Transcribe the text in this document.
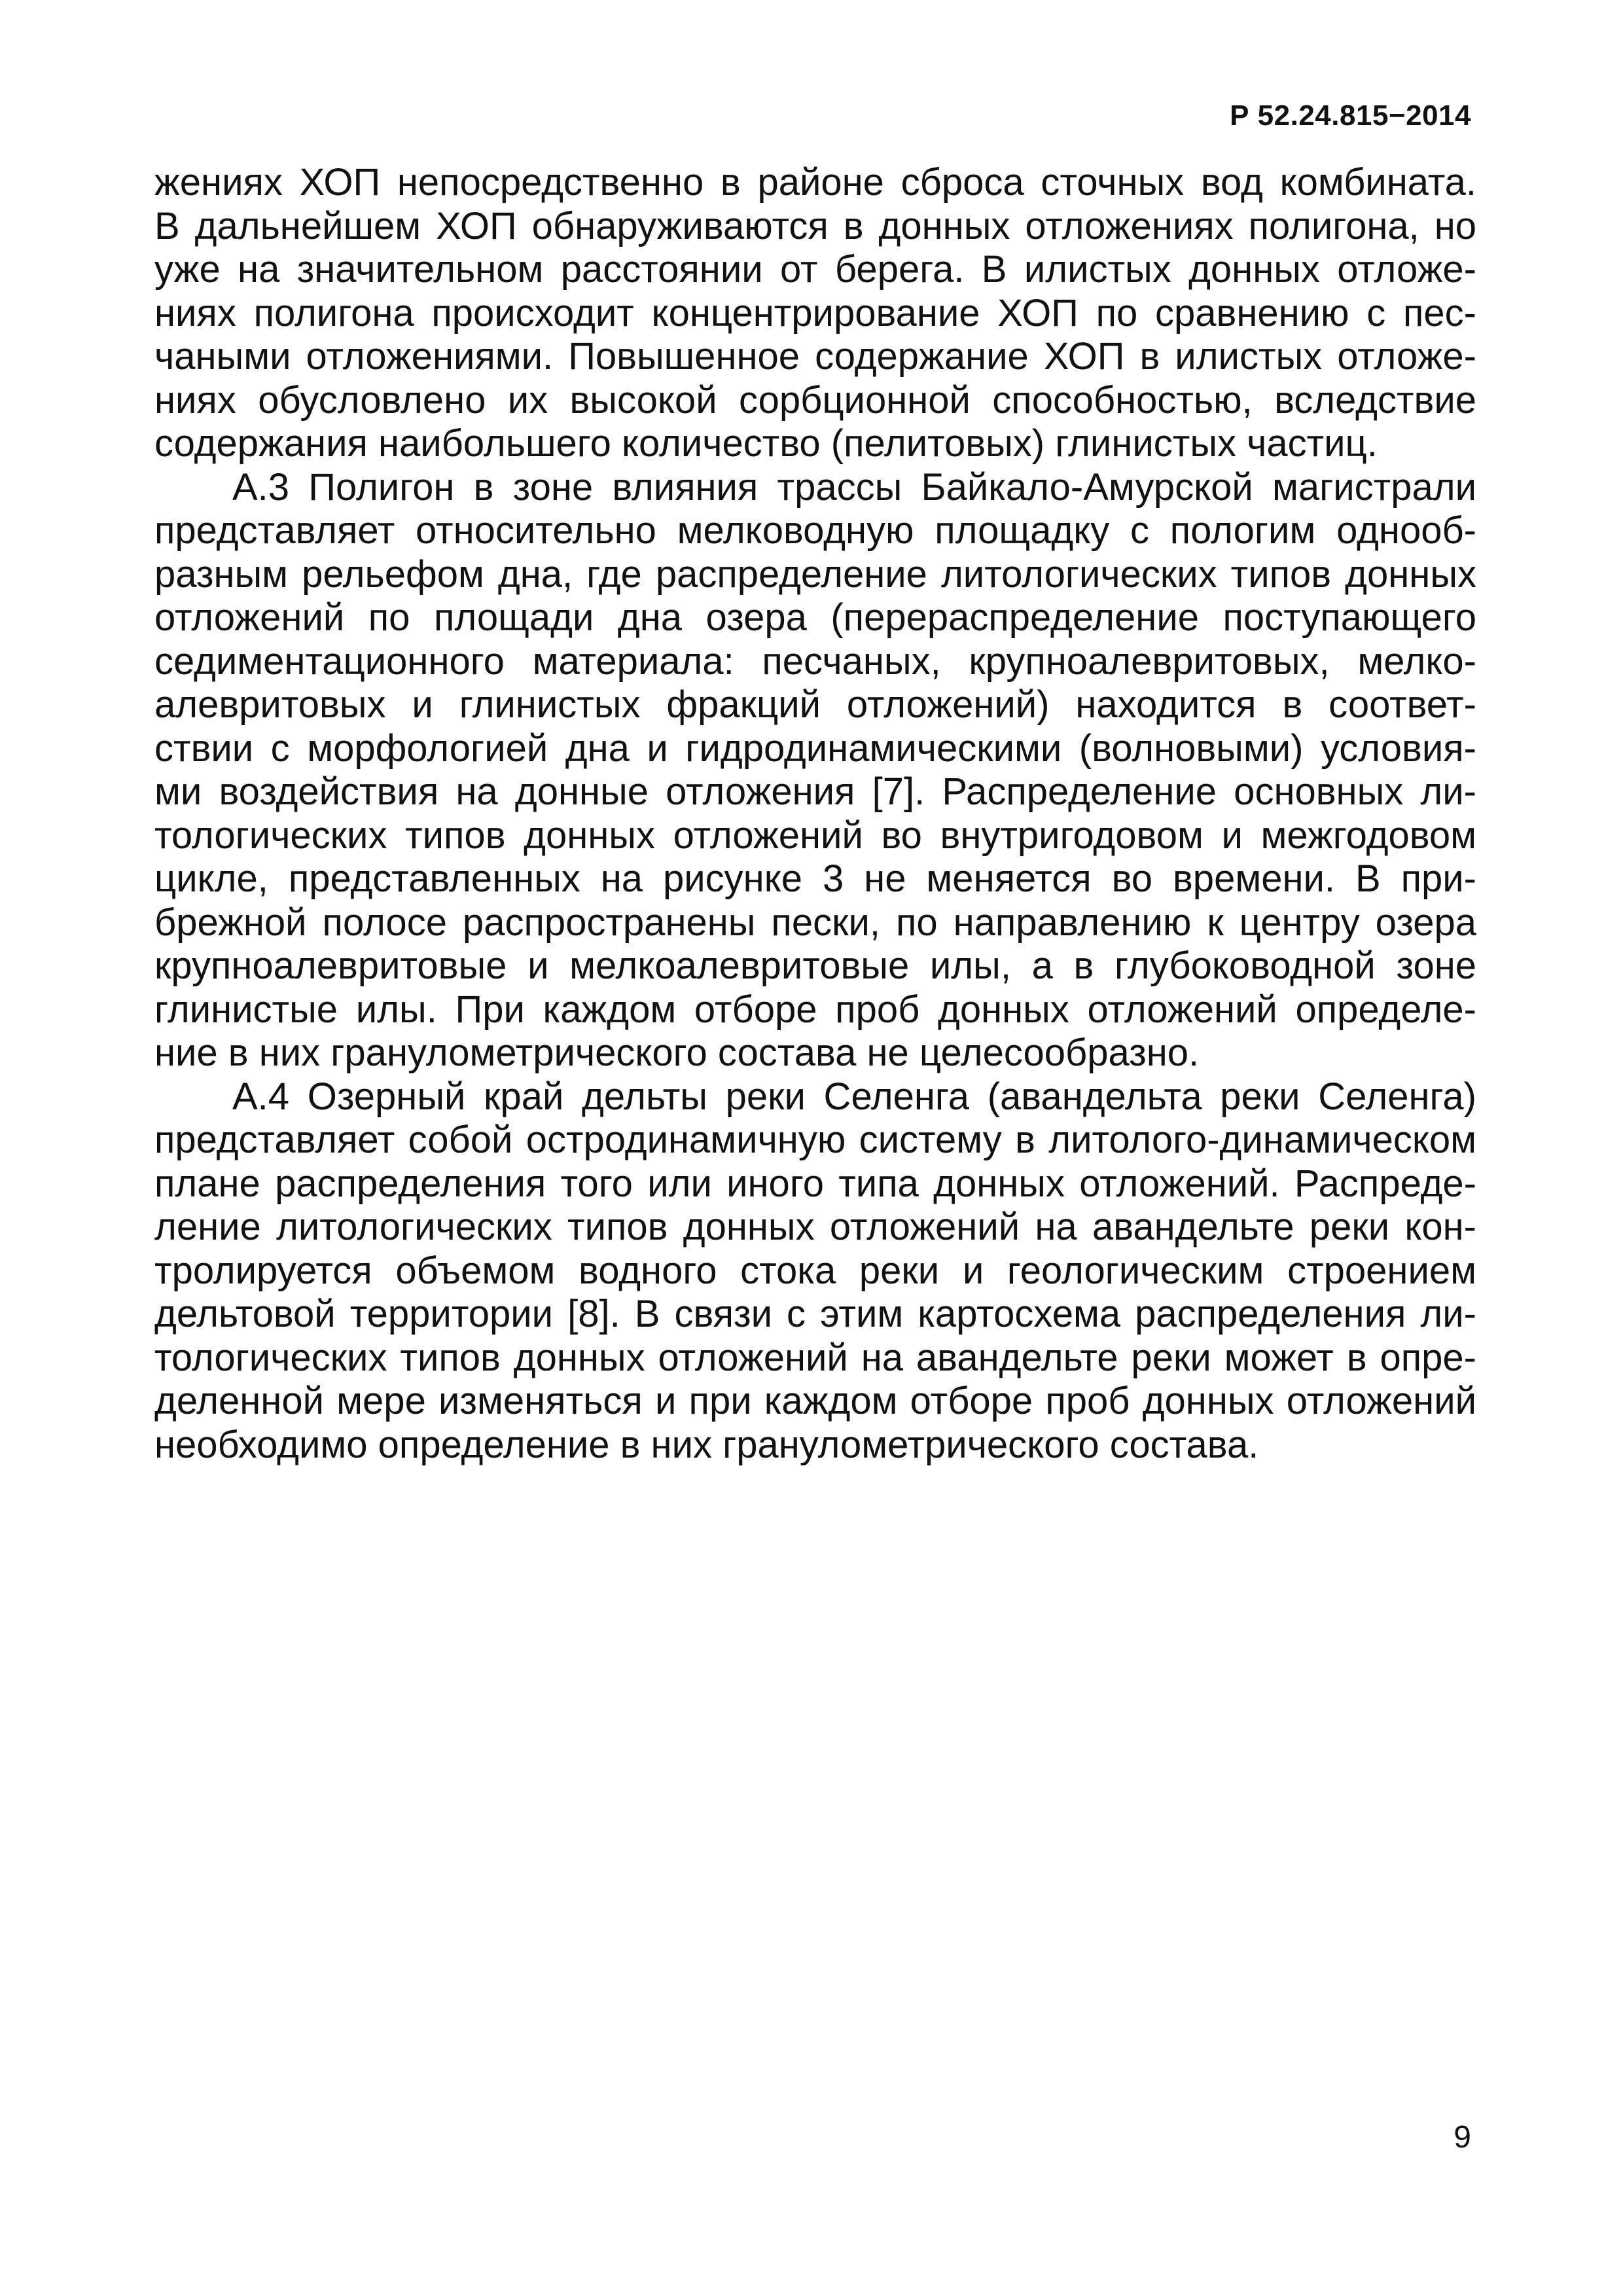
Р 52.24.815−2014
жениях ХОП непосредственно в районе сброса сточных вод комбината.
В дальнейшем ХОП обнаруживаются в донных отложениях полигона, но
уже на значительном расстоянии от берега. В илистых донных отложе-
ниях полигона происходит концентрирование ХОП по сравнению с пес-
чаными отложениями. Повышенное содержание ХОП в илистых отложе-
ниях обусловлено их высокой сорбционной способностью, вследствие
содержания наибольшего количество (пелитовых) глинистых частиц.
А.3 Полигон в зоне влияния трассы Байкало-Амурской магистрали
представляет относительно мелководную площадку с пологим однооб-
разным рельефом дна, где распределение литологических типов донных
отложений по площади дна озера (перераспределение поступающего
седиментационного материала: песчаных, крупноалевритовых, мелко-
алевритовых и глинистых фракций отложений) находится в соответ-
ствии с морфологией дна и гидродинамическими (волновыми) условия-
ми воздействия на донные отложения [7]. Распределение основных ли-
тологических типов донных отложений во внутригодовом и межгодовом
цикле, представленных на рисунке 3 не меняется во времени. В при-
брежной полосе распространены пески, по направлению к центру озера
крупноалевритовые и мелкоалевритовые илы, а в глубоководной зоне
глинистые илы. При каждом отборе проб донных отложений определе-
ние в них гранулометрического состава не целесообразно.
А.4 Озерный край дельты реки Селенга (авандельта реки Селенга)
представляет собой остродинамичную систему в литолого-динамическом
плане распределения того или иного типа донных отложений. Распреде-
ление литологических типов донных отложений на авандельте реки кон-
тролируется объемом водного стока реки и геологическим строением
дельтовой территории [8]. В связи с этим картосхема распределения ли-
тологических типов донных отложений на авандельте реки может в опре-
деленной мере изменяться и при каждом отборе проб донных отложений
необходимо определение в них гранулометрического состава.
9
